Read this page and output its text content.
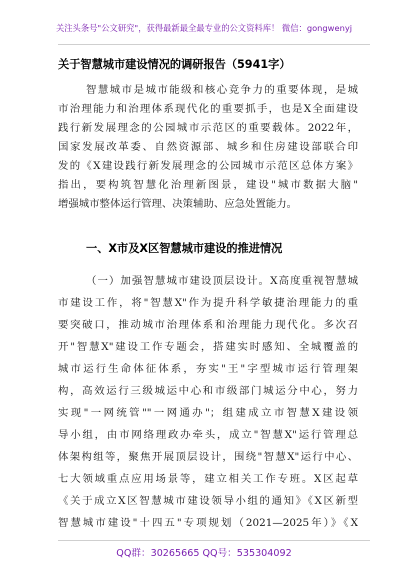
关注头条号"公文研究"，获得最新最全最专业的公文资料库！ 微信：gongwenyj
关于智慧城市建设情况的调研报告（5941字）
智慧城市是城市能级和核心竞争力的重要体现，是城
市治理能力和治理体系现代化的重要抓手，也是X全面建设
践行新发展理念的公园城市示范区的重要载体。2022年，
国家发展改革委、自然资源部、城乡和住房建设部联合印
发的《X建设践行新发展理念的公园城市示范区总体方案》
指出，要构筑智慧化治理新图景，建设"城市数据大脑"
增强城市整体运行管理、决策辅助、应急处置能力。
一、X市及X区智慧城市建设的推进情况
（一）加强智慧城市建设顶层设计。X高度重视智慧城
市建设工作，将"智慧X"作为提升科学敏捷治理能力的重
要突破口，推动城市治理体系和治理能力现代化。多次召
开"智慧X"建设工作专题会，搭建实时感知、全城覆盖的
城市运行生命体征体系，夯实"王"字型城市运行管理架
构，高效运行三级城运中心和市级部门城运分中心，努力
实现"一网统管""一网通办"；组建成立市智慧X建设领
导小组，由市网络理政办牵头，成立"智慧X"运行管理总
体架构组等，聚焦开展顶层设计，围绕"智慧X"运行中心、
七大领域重点应用场景等，建立相关工作专班。X区起草
《关于成立X区智慧城市建设领导小组的通知》《X区新型
智慧城市建设"十四五"专项规划（2021—2025年）》《X
QQ群：30265665 QQ号：535304092
